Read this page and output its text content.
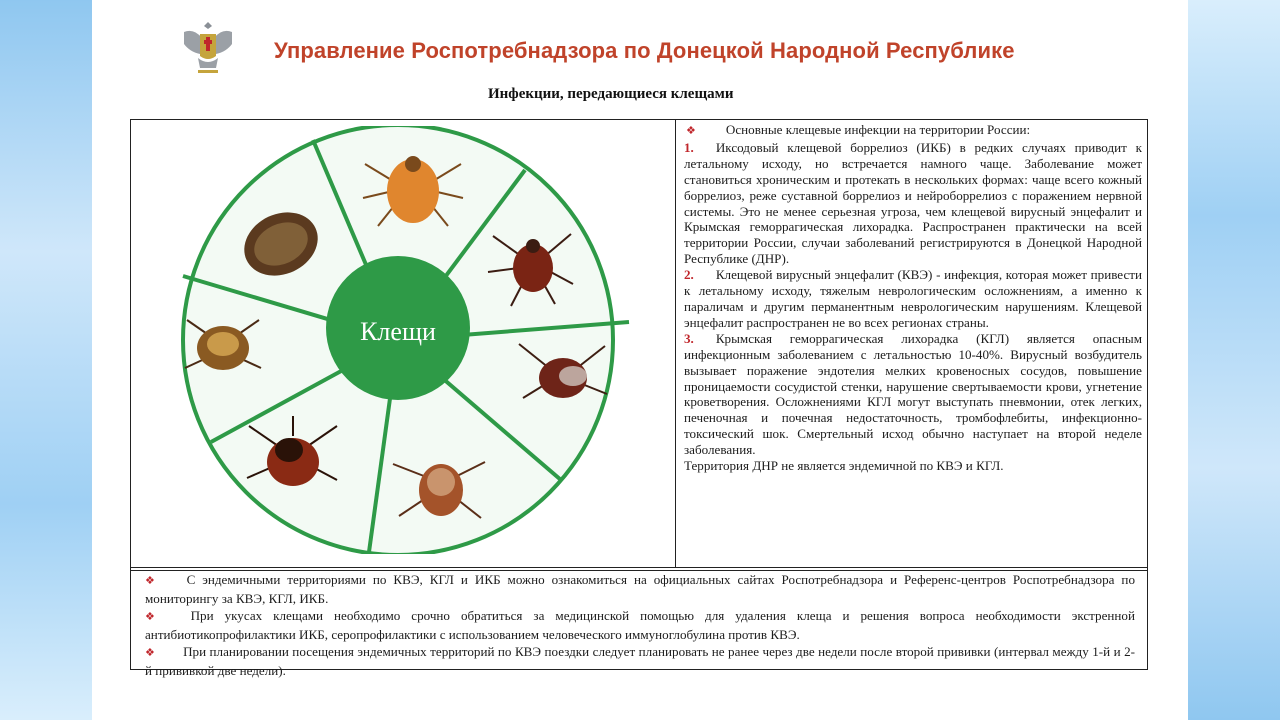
Управление Роспотребнадзора по Донецкой Народной Республике
Инфекции, передающиеся клещами
Клещи

❖ Основные клещевые инфекции на территории России:

1. Иксодовый клещевой боррелиоз (ИКБ) в редких случаях приводит к летальному исходу, но встречается намного чаще. Заболевание может становиться хроническим и протекать в нескольких формах: чаще всего кожный боррелиоз, реже суставной боррелиоз и нейроборрелиоз с поражением нервной системы. Это не менее серьезная угроза, чем клещевой вирусный энцефалит и Крымская геморрагическая лихорадка. Распространен практически на всей территории России, случаи заболеваний регистрируются в Донецкой Народной Республике (ДНР).

2. Клещевой вирусный энцефалит (КВЭ) - инфекция, которая может привести к летальному исходу, тяжелым неврологическим осложнениям, а именно к параличам и другим перманентным неврологическим нарушениям. Клещевой энцефалит распространен не во всех регионах страны.

3. Крымская геморрагическая лихорадка (КГЛ) является опасным инфекционным заболеванием с летальностью 10-40%. Вирусный возбудитель вызывает поражение эндотелия мелких кровеносных сосудов, повышение проницаемости сосудистой стенки, нарушение свертываемости крови, угнетение кроветворения. Осложнениями КГЛ могут выступать пневмонии, отек легких, печеночная и почечная недостаточность, тромбофлебиты, инфекционно-токсический шок. Смертельный исход обычно наступает на второй неделе заболевания.

Территория ДНР не является эндемичной по КВЭ и КГЛ.

❖ С эндемичными территориями по КВЭ, КГЛ и ИКБ можно ознакомиться на официальных сайтах Роспотребнадзора и Референс-центров Роспотребнадзора по мониторингу за КВЭ, КГЛ, ИКБ.

❖ При укусах клещами необходимо срочно обратиться за медицинской помощью для удаления клеща и решения вопроса необходимости экстренной антибиотикопрофилактики ИКБ, серопрофилактики с использованием человеческого иммуноглобулина против КВЭ.

❖ При планировании посещения эндемичных территорий по КВЭ поездки следует планировать не ранее через две недели после второй прививки (интервал между 1-й и 2-й прививкой две недели).
